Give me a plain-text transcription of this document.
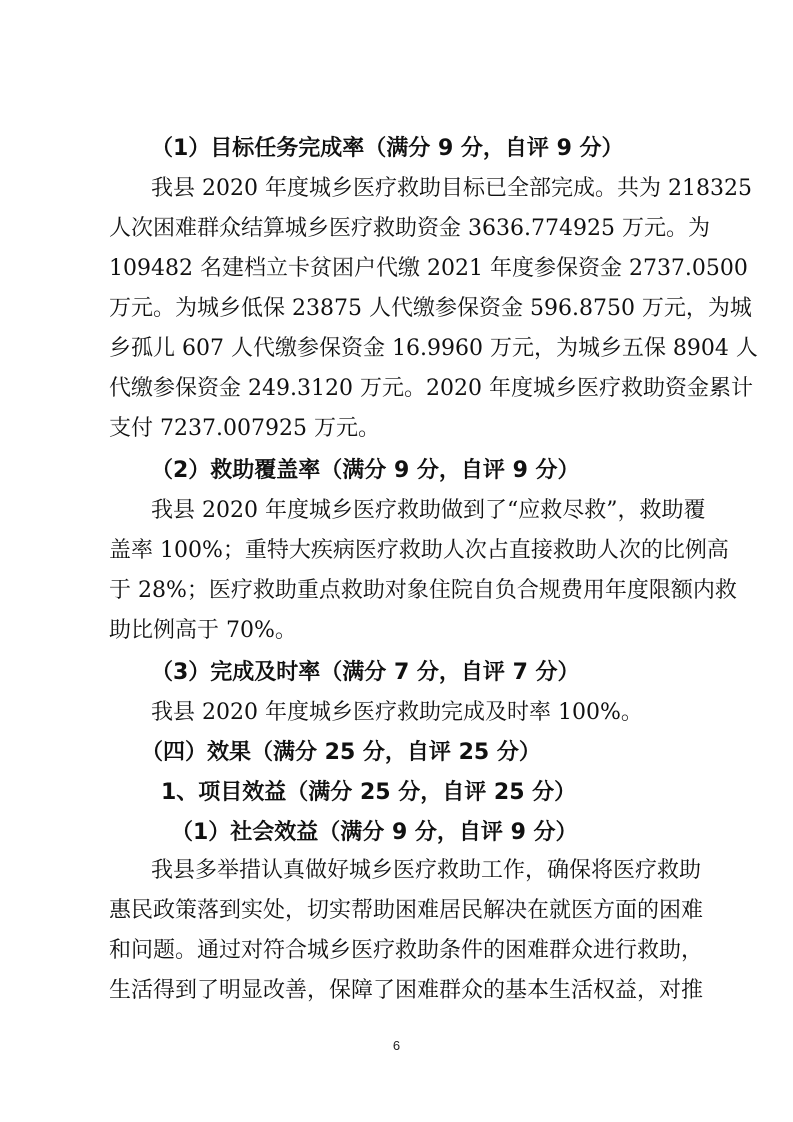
（1）目标任务完成率（满分 9 分，自评 9 分）
我县 2020 年度城乡医疗救助目标已全部完成。共为 218325
人次困难群众结算城乡医疗救助资金 3636.774925 万元。为
109482 名建档立卡贫困户代缴 2021 年度参保资金 2737.0500
万元。为城乡低保 23875 人代缴参保资金 596.8750 万元，为城
乡孤儿 607 人代缴参保资金 16.9960 万元，为城乡五保 8904 人
代缴参保资金 249.3120 万元。2020 年度城乡医疗救助资金累计
支付 7237.007925 万元。
（2）救助覆盖率（满分 9 分，自评 9 分）
我县 2020 年度城乡医疗救助做到了“应救尽救”，救助覆
盖率 100%；重特大疾病医疗救助人次占直接救助人次的比例高
于 28%；医疗救助重点救助对象住院自负合规费用年度限额内救
助比例高于 70%。
（3）完成及时率（满分 7 分，自评 7 分）
我县 2020 年度城乡医疗救助完成及时率 100%。
（四）效果（满分 25 分，自评 25 分）
1、项目效益（满分 25 分，自评 25 分）
（1）社会效益（满分 9 分，自评 9 分）
我县多举措认真做好城乡医疗救助工作，确保将医疗救助
惠民政策落到实处，切实帮助困难居民解决在就医方面的困难
和问题。通过对符合城乡医疗救助条件的困难群众进行救助，
生活得到了明显改善，保障了困难群众的基本生活权益，对推
6
